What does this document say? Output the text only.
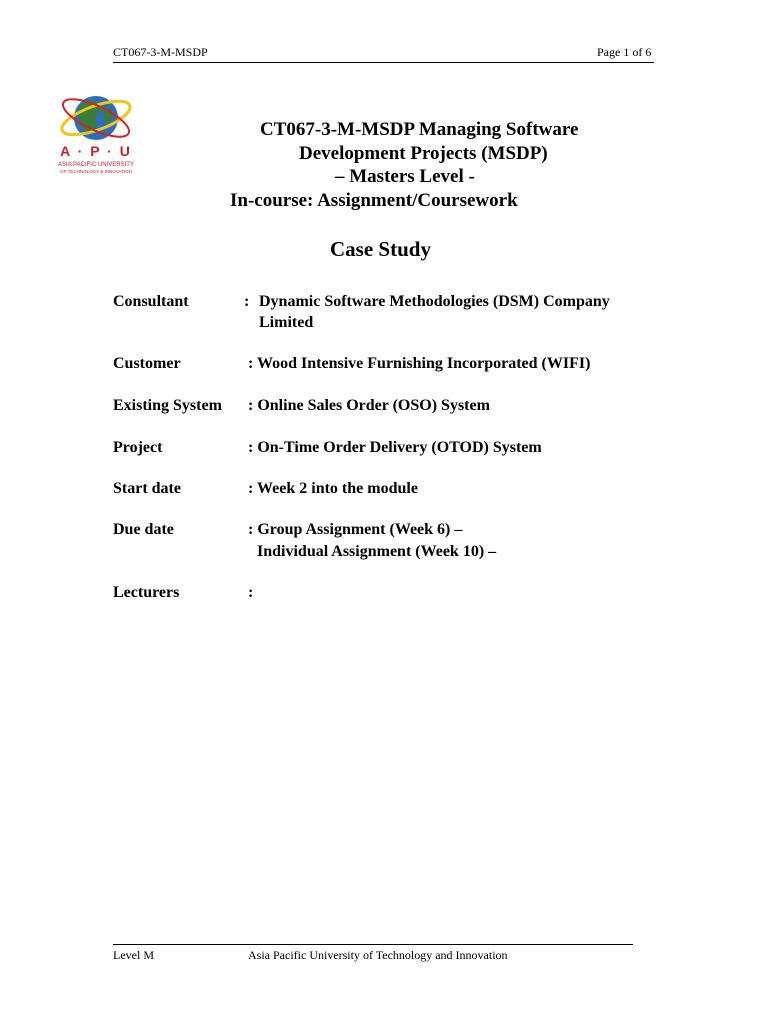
CT067-3-M-MSDP	Page 1 of 6
A · P · U
ASIA PACIFIC UNIVERSITY
OF TECHNOLOGY & INNOVATION
CT067-3-M-MSDP Managing Software
Development Projects (MSDP)
– Masters Level -
In-course: Assignment/Coursework
Case Study
Consultant	: Dynamic Software Methodologies (DSM) Company
Limited
Customer	: Wood Intensive Furnishing Incorporated (WIFI)
Existing System : Online Sales Order (OSO) System
Project	: On-Time Order Delivery (OTOD) System
Start date	: Week 2 into the module
Due date	: Group Assignment (Week 6) –
Individual Assignment (Week 10) –
Lecturers	:
Level M	Asia Pacific University of Technology and Innovation
